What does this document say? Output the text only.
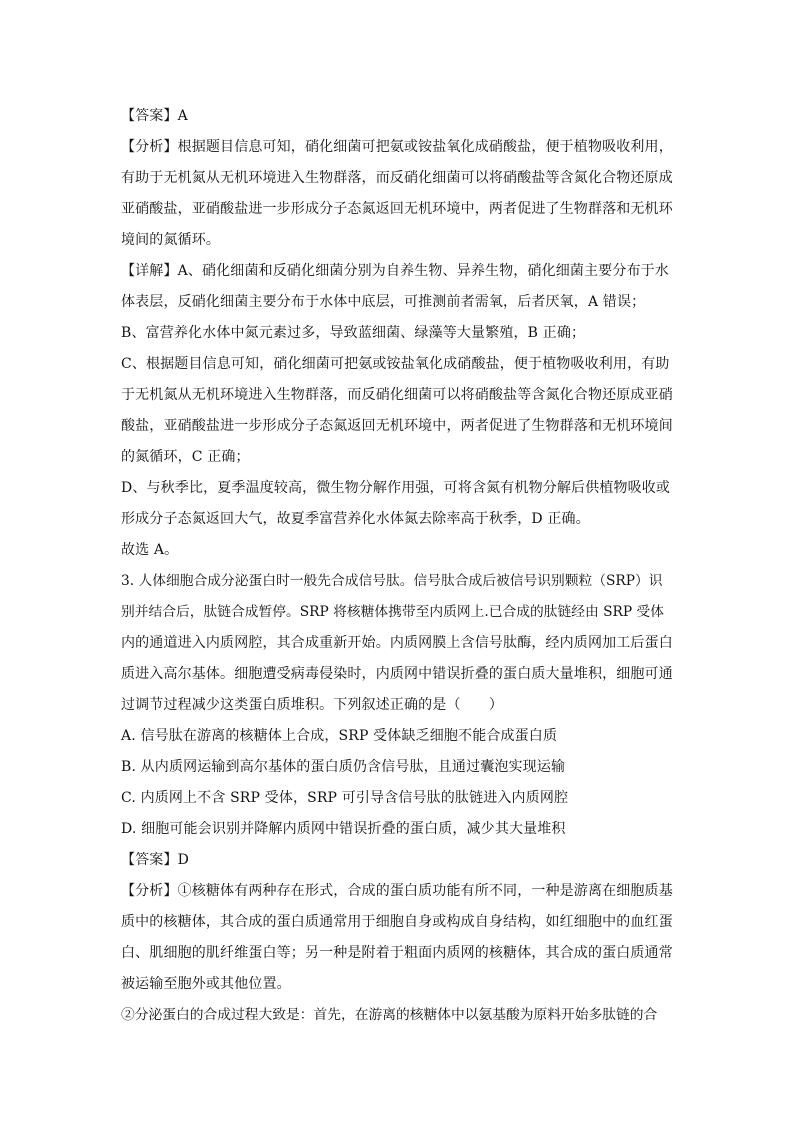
【答案】A
【分析】根据题目信息可知，硝化细菌可把氨或铵盐氧化成硝酸盐，便于植物吸收利用，
有助于无机氮从无机环境进入生物群落，而反硝化细菌可以将硝酸盐等含氮化合物还原成
亚硝酸盐，亚硝酸盐进一步形成分子态氮返回无机环境中，两者促进了生物群落和无机环
境间的氮循环。
【详解】A、硝化细菌和反硝化细菌分别为自养生物、异养生物，硝化细菌主要分布于水
体表层，反硝化细菌主要分布于水体中底层，可推测前者需氧，后者厌氧，A 错误；
B、富营养化水体中氮元素过多，导致蓝细菌、绿藻等大量繁殖，B 正确；
C、根据题目信息可知，硝化细菌可把氨或铵盐氧化成硝酸盐，便于植物吸收利用，有助
于无机氮从无机环境进入生物群落，而反硝化细菌可以将硝酸盐等含氮化合物还原成亚硝
酸盐，亚硝酸盐进一步形成分子态氮返回无机环境中，两者促进了生物群落和无机环境间
的氮循环，C 正确；
D、与秋季比，夏季温度较高，微生物分解作用强，可将含氮有机物分解后供植物吸收或
形成分子态氮返回大气，故夏季富营养化水体氮去除率高于秋季，D 正确。
故选 A。
3. 人体细胞合成分泌蛋白时一般先合成信号肽。信号肽合成后被信号识别颗粒（SRP）识
别并结合后，肽链合成暂停。SRP 将核糖体携带至内质网上.已合成的肽链经由 SRP 受体
内的通道进入内质网腔，其合成重新开始。内质网膜上含信号肽酶，经内质网加工后蛋白
质进入高尔基体。细胞遭受病毒侵染时，内质网中错误折叠的蛋白质大量堆积，细胞可通
过调节过程减少这类蛋白质堆积。下列叙述正确的是（　　）
A. 信号肽在游离的核糖体上合成，SRP 受体缺乏细胞不能合成蛋白质
B. 从内质网运输到高尔基体的蛋白质仍含信号肽，且通过囊泡实现运输
C. 内质网上不含 SRP 受体，SRP 可引导含信号肽的肽链进入内质网腔
D. 细胞可能会识别并降解内质网中错误折叠的蛋白质，减少其大量堆积
【答案】D
【分析】①核糖体有两种存在形式，合成的蛋白质功能有所不同，一种是游离在细胞质基
质中的核糖体，其合成的蛋白质通常用于细胞自身或构成自身结构，如红细胞中的血红蛋
白、肌细胞的肌纤维蛋白等；另一种是附着于粗面内质网的核糖体，其合成的蛋白质通常
被运输至胞外或其他位置。
②分泌蛋白的合成过程大致是：首先，在游离的核糖体中以氨基酸为原料开始多肽链的合
